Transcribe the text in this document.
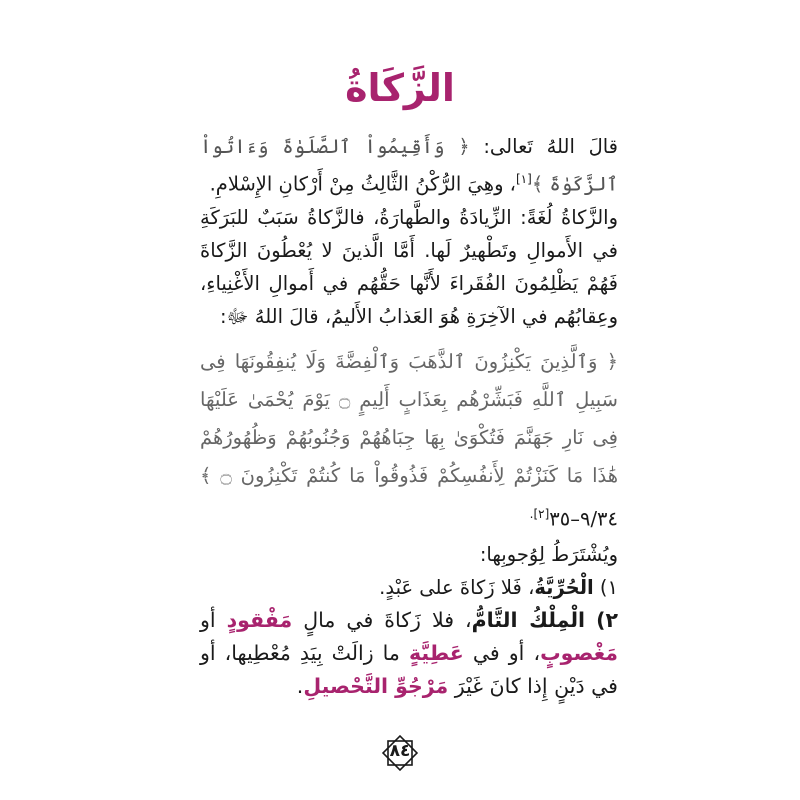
الزَّكَاةُ

قالَ اللهُ تَعالى: ﴿ وَأَقِيمُواْ ٱلصَّلَوٰةَ وَءَاتُواْ ٱلزَّكَوٰةَ ﴾[١]، وهِيَ الرُّكْنُ الثَّالِثُ مِنْ أَرْكانِ الإِسْلامِ.

والزَّكاةُ لُغَةً: الزِّيادَةُ والطَّهارَةُ، فالزَّكاةُ سَبَبٌ للبَرَكَةِ في الأَموالِ وتَطْهيرٌ لَها. أَمَّا الَّذينَ لا يُعْطُونَ الزَّكاةَ فَهُمْ يَظْلِمُونَ الفُقَراءَ لأَنَّها حَقُّهُم في أَموالِ الأَغْنِياءِ، وعِقابُهُم في الآخِرَةِ هُوَ العَذابُ الأَليمُ، قالَ اللهُ ﷻ:

﴿ وَٱلَّذِينَ يَكْنِزُونَ ٱلذَّهَبَ وَٱلْفِضَّةَ وَلَا يُنفِقُونَهَا فِى سَبِيلِ ٱللَّهِ فَبَشِّرْهُم بِعَذَابٍ أَلِيمٍ ۝ يَوْمَ يُحْمَىٰ عَلَيْهَا فِى نَارِ جَهَنَّمَ فَتُكْوَىٰ بِهَا جِبَاهُهُمْ وَجُنُوبُهُمْ وَظُهُورُهُمْ هَٰذَا مَا كَنَزْتُمْ لِأَنفُسِكُمْ فَذُوقُواْ مَا كُنتُمْ تَكْنِزُونَ ۝ ﴾ ٩/٣٤–٣٥$^{[٢].}$

ويُشْتَرَطُ لِوُجوبِها:

١) الْحُرِّيَّةُ، فَلا زَكاةَ على عَبْدٍ.

٢) الْمِلْكُ التَّامُّ، فلا زَكاةَ في مالٍ مَفْقودٍ أو مَغْصوبٍ، أو في عَطِيَّةٍ ما زالَتْ بِيَدِ مُعْطِيها، أو في دَيْنٍ إِذا كانَ غَيْرَ مَرْجُوِّ التَّحْصيلِ.

٨٤
